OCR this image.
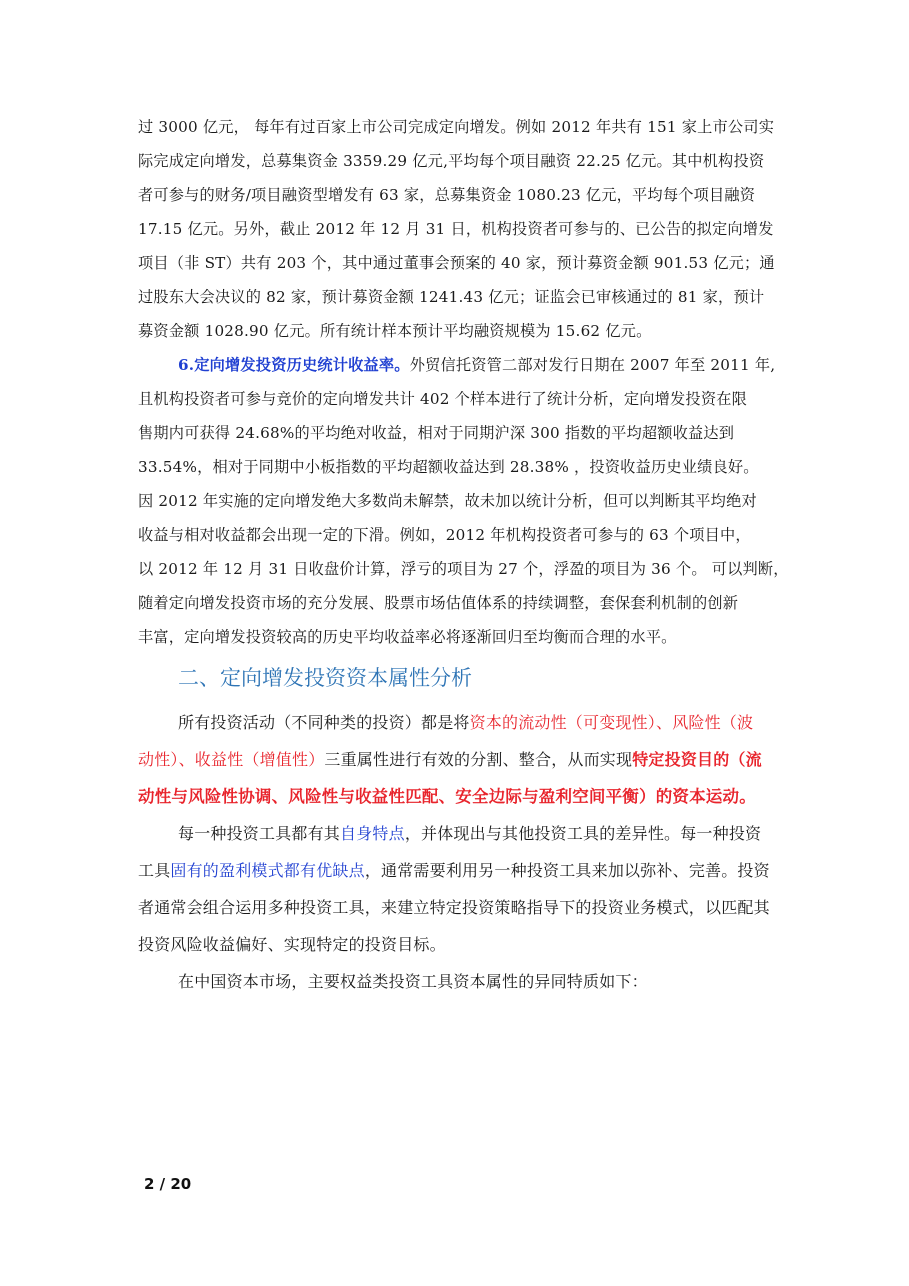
过 3000 亿元， 每年有过百家上市公司完成定向增发。例如 2012 年共有 151 家上市公司实
际完成定向增发，总募集资金 3359.29 亿元,平均每个项目融资 22.25 亿元。其中机构投资
者可参与的财务/项目融资型增发有 63 家，总募集资金 1080.23 亿元，平均每个项目融资
17.15 亿元。另外，截止 2012 年 12 月 31 日，机构投资者可参与的、已公告的拟定向增发
项目（非 ST）共有 203 个，其中通过董事会预案的 40 家，预计募资金额 901.53 亿元；通
过股东大会决议的 82 家，预计募资金额 1241.43 亿元；证监会已审核通过的 81 家，预计
募资金额 1028.90 亿元。所有统计样本预计平均融资规模为 15.62 亿元。
6.定向增发投资历史统计收益率。外贸信托资管二部对发行日期在 2007 年至 2011 年,
且机构投资者可参与竞价的定向增发共计 402 个样本进行了统计分析，定向增发投资在限
售期内可获得 24.68%的平均绝对收益，相对于同期沪深 300 指数的平均超额收益达到
33.54%，相对于同期中小板指数的平均超额收益达到 28.38% ，投资收益历史业绩良好。
因 2012 年实施的定向增发绝大多数尚未解禁，故未加以统计分析，但可以判断其平均绝对
收益与相对收益都会出现一定的下滑。例如，2012 年机构投资者可参与的 63 个项目中，
以 2012 年 12 月 31 日收盘价计算，浮亏的项目为 27 个，浮盈的项目为 36 个。 可以判断，
随着定向增发投资市场的充分发展、股票市场估值体系的持续调整，套保套利机制的创新
丰富，定向增发投资较高的历史平均收益率必将逐渐回归至均衡而合理的水平。
二、定向增发投资资本属性分析
所有投资活动（不同种类的投资）都是将资本的流动性（可变现性）、风险性（波
动性）、收益性（增值性）三重属性进行有效的分割、整合，从而实现特定投资目的（流
动性与风险性协调、风险性与收益性匹配、安全边际与盈利空间平衡）的资本运动。
每一种投资工具都有其自身特点，并体现出与其他投资工具的差异性。每一种投资
工具固有的盈利模式都有优缺点，通常需要利用另一种投资工具来加以弥补、完善。投资
者通常会组合运用多种投资工具，来建立特定投资策略指导下的投资业务模式，以匹配其
投资风险收益偏好、实现特定的投资目标。
在中国资本市场，主要权益类投资工具资本属性的异同特质如下：
2 / 20
